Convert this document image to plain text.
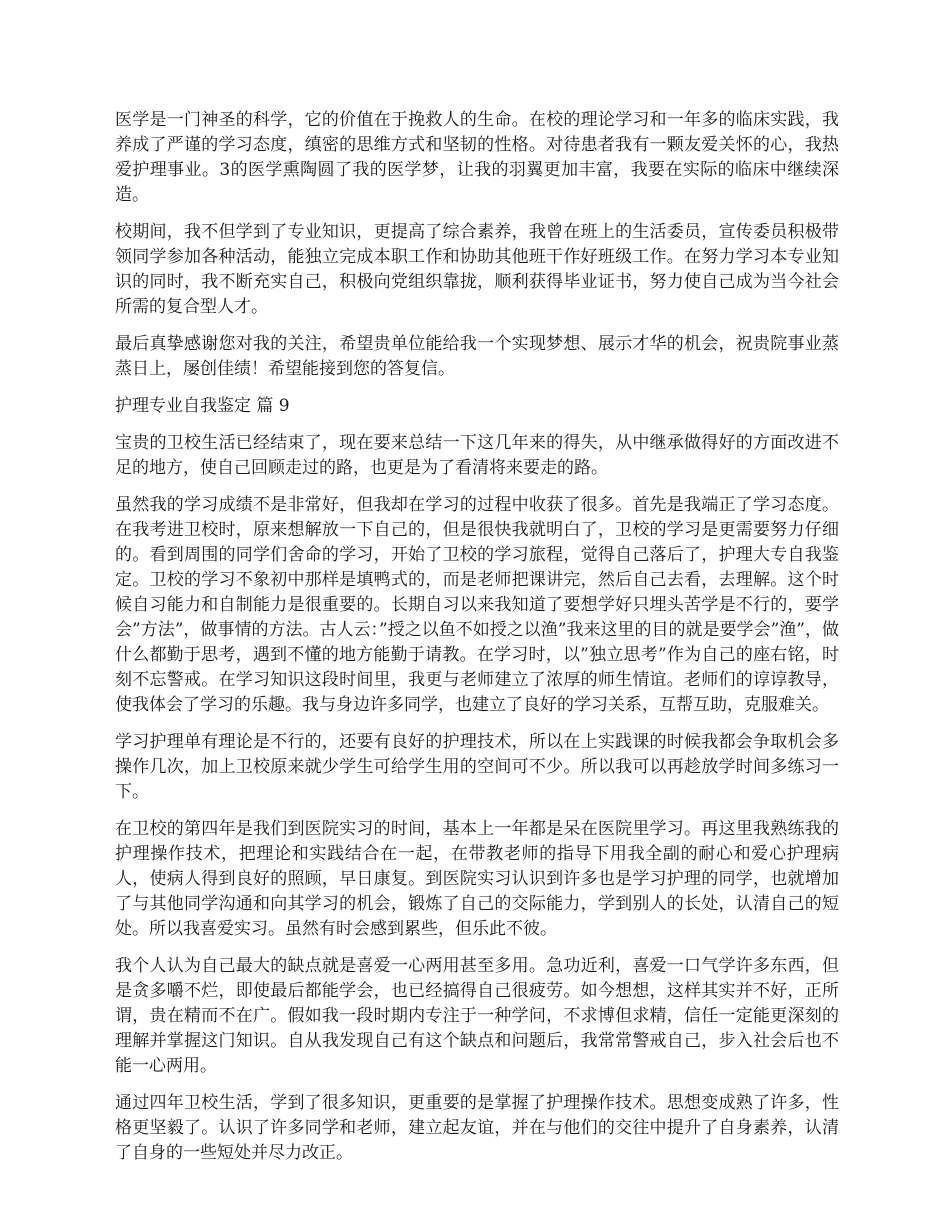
医学是一门神圣的科学，它的价值在于挽救人的生命。在校的理论学习和一年多的临床实践，我养成了严谨的学习态度，缜密的思维方式和坚韧的性格。对待患者我有一颗友爱关怀的心，我热爱护理事业。3的医学熏陶圆了我的医学梦，让我的羽翼更加丰富，我要在实际的临床中继续深造。

校期间，我不但学到了专业知识，更提高了综合素养，我曾在班上的生活委员，宣传委员积极带领同学参加各种活动，能独立完成本职工作和协助其他班干作好班级工作。在努力学习本专业知识的同时，我不断充实自己，积极向党组织靠拢，顺利获得毕业证书，努力使自己成为当今社会所需的复合型人才。

最后真挚感谢您对我的关注，希望贵单位能给我一个实现梦想、展示才华的机会，祝贵院事业蒸蒸日上，屡创佳绩！希望能接到您的答复信。

护理专业自我鉴定 篇 9

宝贵的卫校生活已经结束了，现在要来总结一下这几年来的得失，从中继承做得好的方面改进不足的地方，使自己回顾走过的路，也更是为了看清将来要走的路。

虽然我的学习成绩不是非常好，但我却在学习的过程中收获了很多。首先是我端正了学习态度。在我考进卫校时，原来想解放一下自己的，但是很快我就明白了，卫校的学习是更需要努力仔细的。看到周围的同学们舍命的学习，开始了卫校的学习旅程，觉得自己落后了，护理大专自我鉴定。卫校的学习不象初中那样是填鸭式的，而是老师把课讲完，然后自己去看，去理解。这个时候自习能力和自制能力是很重要的。长期自习以来我知道了要想学好只埋头苦学是不行的，要学会”方法”，做事情的方法。古人云：”授之以鱼不如授之以渔”我来这里的目的就是要学会”渔”，做什么都勤于思考，遇到不懂的地方能勤于请教。在学习时，以”独立思考”作为自己的座右铭，时刻不忘警戒。在学习知识这段时间里，我更与老师建立了浓厚的师生情谊。老师们的谆谆教导，使我体会了学习的乐趣。我与身边许多同学，也建立了良好的学习关系，互帮互助，克服难关。

学习护理单有理论是不行的，还要有良好的护理技术，所以在上实践课的时候我都会争取机会多操作几次，加上卫校原来就少学生可给学生用的空间可不少。所以我可以再趁放学时间多练习一下。

在卫校的第四年是我们到医院实习的时间，基本上一年都是呆在医院里学习。再这里我熟练我的护理操作技术，把理论和实践结合在一起，在带教老师的指导下用我全副的耐心和爱心护理病人，使病人得到良好的照顾，早日康复。到医院实习认识到许多也是学习护理的同学，也就增加了与其他同学沟通和向其学习的机会，锻炼了自己的交际能力，学到别人的长处，认清自己的短处。所以我喜爱实习。虽然有时会感到累些，但乐此不彼。

我个人认为自己最大的缺点就是喜爱一心两用甚至多用。急功近利，喜爱一口气学许多东西，但是贪多嚼不烂，即使最后都能学会，也已经搞得自己很疲劳。如今想想，这样其实并不好，正所谓，贵在精而不在广。假如我一段时期内专注于一种学问，不求博但求精，信任一定能更深刻的理解并掌握这门知识。自从我发现自己有这个缺点和问题后，我常常警戒自己，步入社会后也不能一心两用。

通过四年卫校生活，学到了很多知识，更重要的是掌握了护理操作技术。思想变成熟了许多，性格更坚毅了。认识了许多同学和老师，建立起友谊，并在与他们的交往中提升了自身素养，认清了自身的一些短处并尽力改正。
